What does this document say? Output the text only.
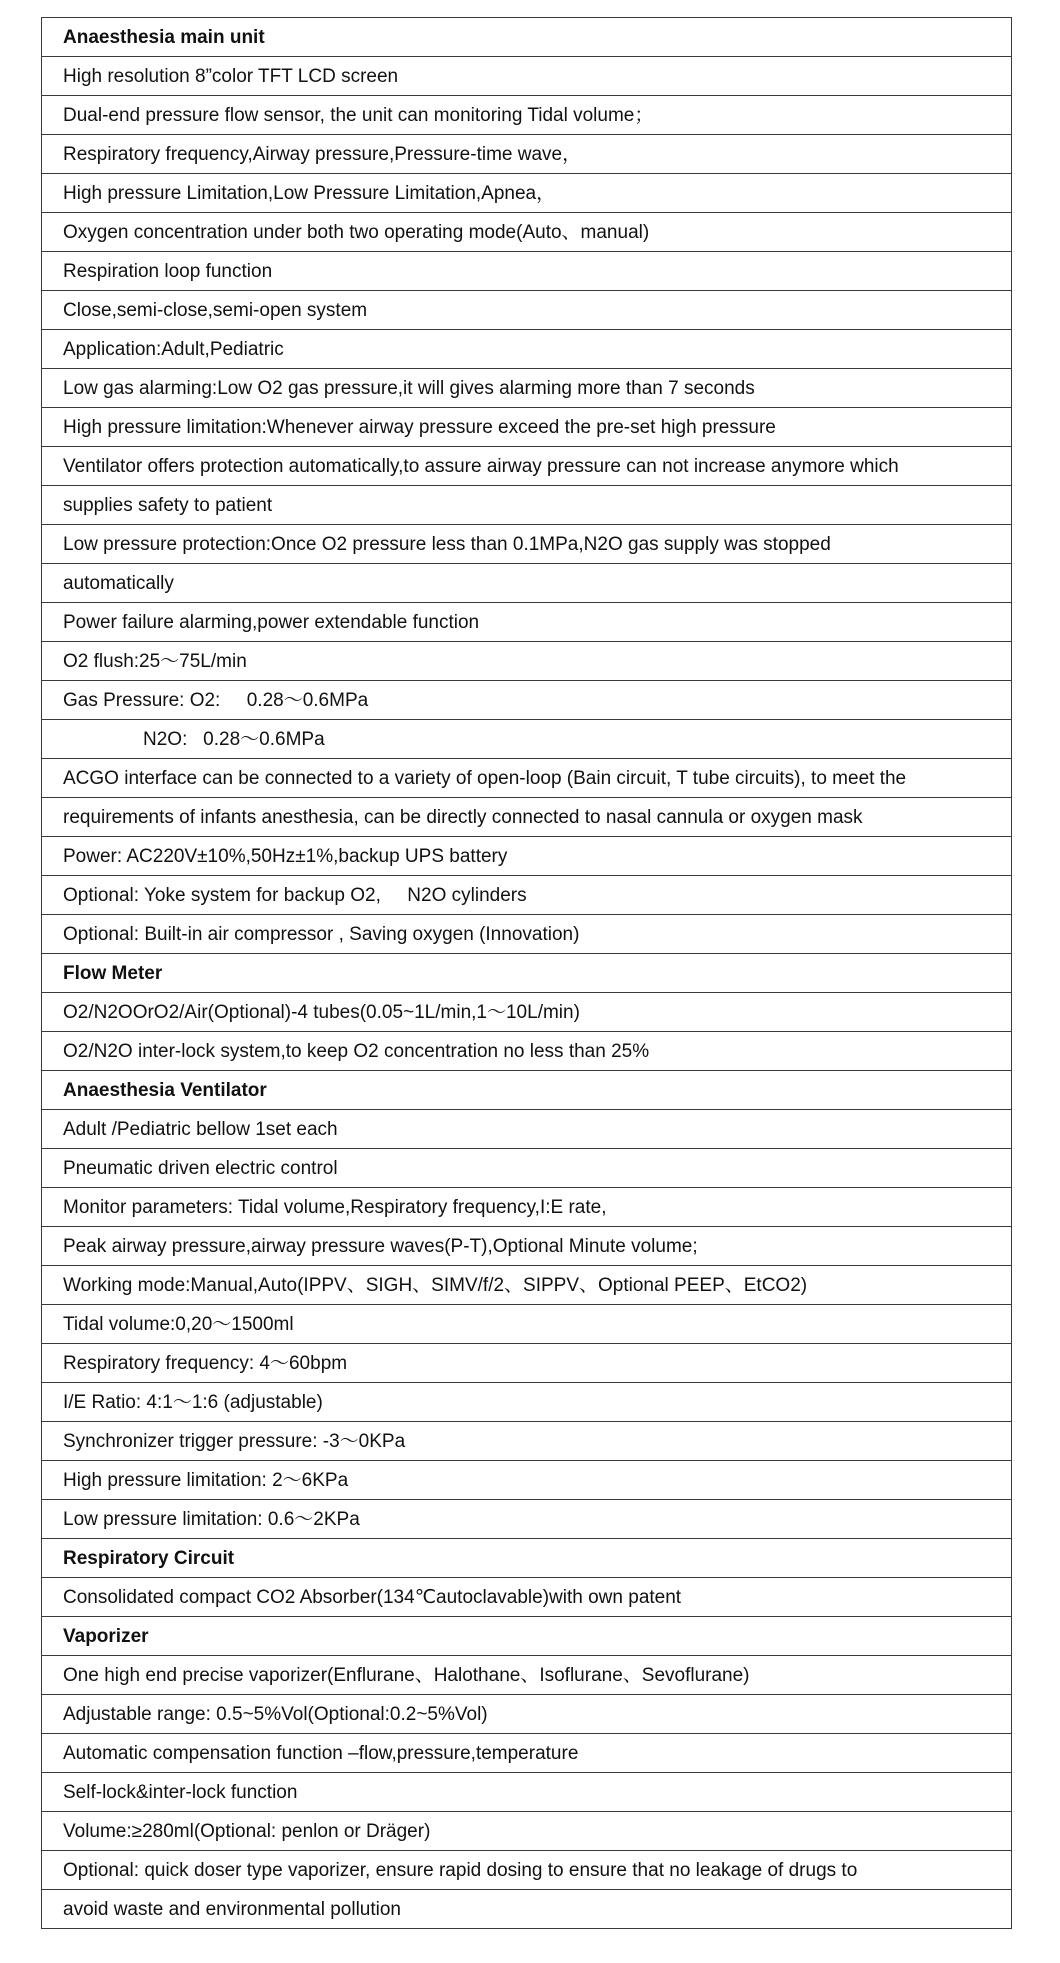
Anaesthesia main unit
High resolution 8”color TFT LCD screen
Dual-end pressure flow sensor, the unit can monitoring Tidal volume；
Respiratory frequency,Airway pressure,Pressure-time wave，
High pressure Limitation,Low Pressure Limitation,Apnea，
Oxygen concentration under both two operating mode(Auto、manual)
Respiration loop function
Close,semi-close,semi-open system
Application:Adult,Pediatric
Low gas alarming:Low O2 gas pressure,it will gives alarming more than 7 seconds
High pressure limitation:Whenever airway pressure exceed the pre-set high pressure
Ventilator offers protection automatically,to assure airway pressure can not increase anymore which
supplies safety to patient
Low pressure protection:Once O2 pressure less than 0.1MPa,N2O gas supply was stopped
automatically
Power failure alarming,power extendable function
O2 flush:25〜75L/min
Gas Pressure: O2:     0.28〜0.6MPa
N2O:   0.28〜0.6MPa
ACGO interface can be connected to a variety of open-loop (Bain circuit, T tube circuits), to meet the
requirements of infants anesthesia, can be directly connected to nasal cannula or oxygen mask
Power: AC220V±10%,50Hz±1%,backup UPS battery
Optional: Yoke system for backup O2,     N2O cylinders
Optional: Built-in air compressor , Saving oxygen (Innovation)
Flow Meter
O2/N2OOrO2/Air(Optional)-4 tubes(0.05~1L/min,1〜10L/min)
O2/N2O inter-lock system,to keep O2 concentration no less than 25%
Anaesthesia Ventilator
Adult /Pediatric bellow 1set each
Pneumatic driven electric control
Monitor parameters: Tidal volume,Respiratory frequency,I:E rate,
Peak airway pressure,airway pressure waves(P-T),Optional Minute volume;
Working mode:Manual,Auto(IPPV、SIGH、SIMV/f/2、SIPPV、Optional PEEP、EtCO2)
Tidal volume:0,20〜1500ml
Respiratory frequency: 4〜60bpm
I/E Ratio: 4:1〜1:6 (adjustable)
Synchronizer trigger pressure: -3〜0KPa
High pressure limitation: 2〜6KPa
Low pressure limitation: 0.6〜2KPa
Respiratory Circuit
Consolidated compact CO2 Absorber(134℃autoclavable)with own patent
Vaporizer
One high end precise vaporizer(Enflurane、Halothane、Isoflurane、Sevoflurane)
Adjustable range: 0.5~5%Vol(Optional:0.2~5%Vol)
Automatic compensation function –flow,pressure,temperature
Self-lock&inter-lock function
Volume:≥280ml(Optional: penlon or Dräger)
Optional: quick doser type vaporizer, ensure rapid dosing to ensure that no leakage of drugs to
avoid waste and environmental pollution
